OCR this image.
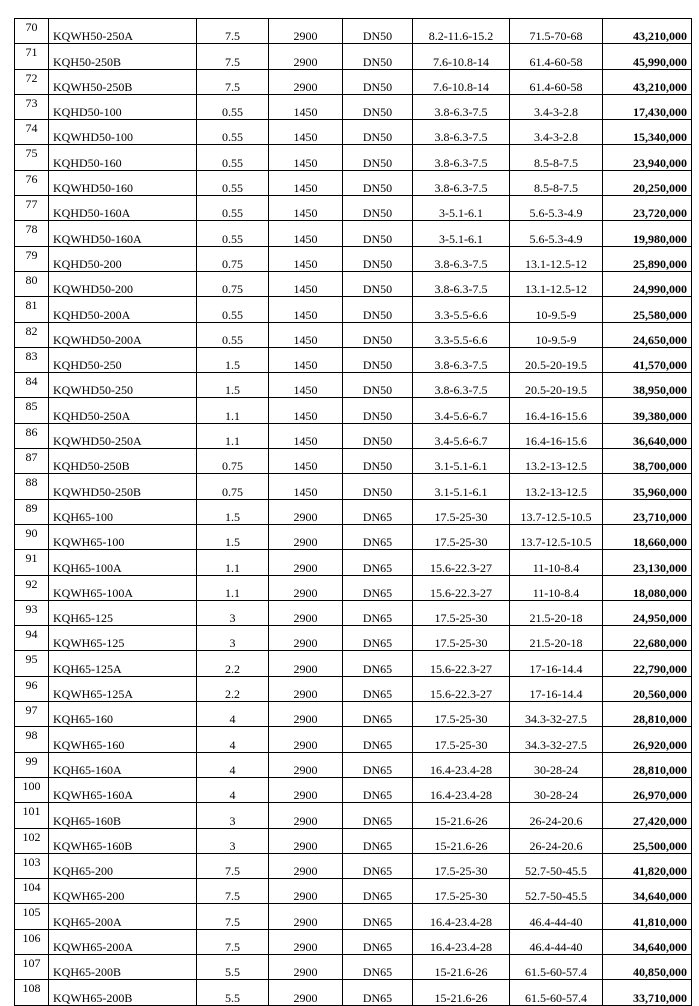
70	KQWH50-250A	7.5	2900	DN50	8.2-11.6-15.2	71.5-70-68	43,210,000
71	KQH50-250B	7.5	2900	DN50	7.6-10.8-14	61.4-60-58	45,990,000
72	KQWH50-250B	7.5	2900	DN50	7.6-10.8-14	61.4-60-58	43,210,000
73	KQHD50-100	0.55	1450	DN50	3.8-6.3-7.5	3.4-3-2.8	17,430,000
74	KQWHD50-100	0.55	1450	DN50	3.8-6.3-7.5	3.4-3-2.8	15,340,000
75	KQHD50-160	0.55	1450	DN50	3.8-6.3-7.5	8.5-8-7.5	23,940,000
76	KQWHD50-160	0.55	1450	DN50	3.8-6.3-7.5	8.5-8-7.5	20,250,000
77	KQHD50-160A	0.55	1450	DN50	3-5.1-6.1	5.6-5.3-4.9	23,720,000
78	KQWHD50-160A	0.55	1450	DN50	3-5.1-6.1	5.6-5.3-4.9	19,980,000
79	KQHD50-200	0.75	1450	DN50	3.8-6.3-7.5	13.1-12.5-12	25,890,000
80	KQWHD50-200	0.75	1450	DN50	3.8-6.3-7.5	13.1-12.5-12	24,990,000
81	KQHD50-200A	0.55	1450	DN50	3.3-5.5-6.6	10-9.5-9	25,580,000
82	KQWHD50-200A	0.55	1450	DN50	3.3-5.5-6.6	10-9.5-9	24,650,000
83	KQHD50-250	1.5	1450	DN50	3.8-6.3-7.5	20.5-20-19.5	41,570,000
84	KQWHD50-250	1.5	1450	DN50	3.8-6.3-7.5	20.5-20-19.5	38,950,000
85	KQHD50-250A	1.1	1450	DN50	3.4-5.6-6.7	16.4-16-15.6	39,380,000
86	KQWHD50-250A	1.1	1450	DN50	3.4-5.6-6.7	16.4-16-15.6	36,640,000
87	KQHD50-250B	0.75	1450	DN50	3.1-5.1-6.1	13.2-13-12.5	38,700,000
88	KQWHD50-250B	0.75	1450	DN50	3.1-5.1-6.1	13.2-13-12.5	35,960,000
89	KQH65-100	1.5	2900	DN65	17.5-25-30	13.7-12.5-10.5	23,710,000
90	KQWH65-100	1.5	2900	DN65	17.5-25-30	13.7-12.5-10.5	18,660,000
91	KQH65-100A	1.1	2900	DN65	15.6-22.3-27	11-10-8.4	23,130,000
92	KQWH65-100A	1.1	2900	DN65	15.6-22.3-27	11-10-8.4	18,080,000
93	KQH65-125	3	2900	DN65	17.5-25-30	21.5-20-18	24,950,000
94	KQWH65-125	3	2900	DN65	17.5-25-30	21.5-20-18	22,680,000
95	KQH65-125A	2.2	2900	DN65	15.6-22.3-27	17-16-14.4	22,790,000
96	KQWH65-125A	2.2	2900	DN65	15.6-22.3-27	17-16-14.4	20,560,000
97	KQH65-160	4	2900	DN65	17.5-25-30	34.3-32-27.5	28,810,000
98	KQWH65-160	4	2900	DN65	17.5-25-30	34.3-32-27.5	26,920,000
99	KQH65-160A	4	2900	DN65	16.4-23.4-28	30-28-24	28,810,000
100	KQWH65-160A	4	2900	DN65	16.4-23.4-28	30-28-24	26,970,000
101	KQH65-160B	3	2900	DN65	15-21.6-26	26-24-20.6	27,420,000
102	KQWH65-160B	3	2900	DN65	15-21.6-26	26-24-20.6	25,500,000
103	KQH65-200	7.5	2900	DN65	17.5-25-30	52.7-50-45.5	41,820,000
104	KQWH65-200	7.5	2900	DN65	17.5-25-30	52.7-50-45.5	34,640,000
105	KQH65-200A	7.5	2900	DN65	16.4-23.4-28	46.4-44-40	41,810,000
106	KQWH65-200A	7.5	2900	DN65	16.4-23.4-28	46.4-44-40	34,640,000
107	KQH65-200B	5.5	2900	DN65	15-21.6-26	61.5-60-57.4	40,850,000
108	KQWH65-200B	5.5	2900	DN65	15-21.6-26	61.5-60-57.4	33,710,000
